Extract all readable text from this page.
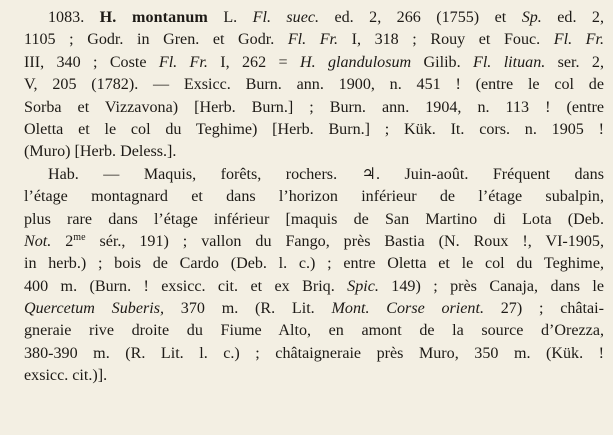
1083. H. montanum L. Fl. suec. ed. 2, 266 (1755) et Sp. ed. 2,
1105 ; Godr. in Gren. et Godr. Fl. Fr. I, 318 ; Rouy et Fouc. Fl. Fr.
III, 340 ; Coste Fl. Fr. I, 262 = H. glandulosum Gilib. Fl. lituan. ser. 2,
V, 205 (1782). — Exsicc. Burn. ann. 1900, n. 451 ! (entre le col de
Sorba et Vizzavona) [Herb. Burn.] ; Burn. ann. 1904, n. 113 ! (entre
Oletta et le col du Teghime) [Herb. Burn.] ; Kük. It. cors. n. 1905 !
(Muro) [Herb. Deless.].
Hab. — Maquis, forêts, rochers. ♃. Juin-août. Fréquent dans
l’étage montagnard et dans l’horizon inférieur de l’étage subalpin,
plus rare dans l’étage inférieur [maquis de San Martino di Lota (Deb.
Not. $2^{me}$ sér., 191) ; vallon du Fango, près Bastia (N. Roux !, VI-1905,
in herb.) ; bois de Cardo (Deb. l. c.) ; entre Oletta et le col du Teghime,
400 m. (Burn. ! exsicc. cit. et ex Briq. Spic. 149) ; près Canaja, dans le
Quercetum Suberis, 370 m. (R. Lit. Mont. Corse orient. 27) ; châtai-
gneraie rive droite du Fiume Alto, en amont de la source d’Orezza,
380-390 m. (R. Lit. l. c.) ; châtaigneraie près Muro, 350 m. (Kük. !
exsicc. cit.)].
